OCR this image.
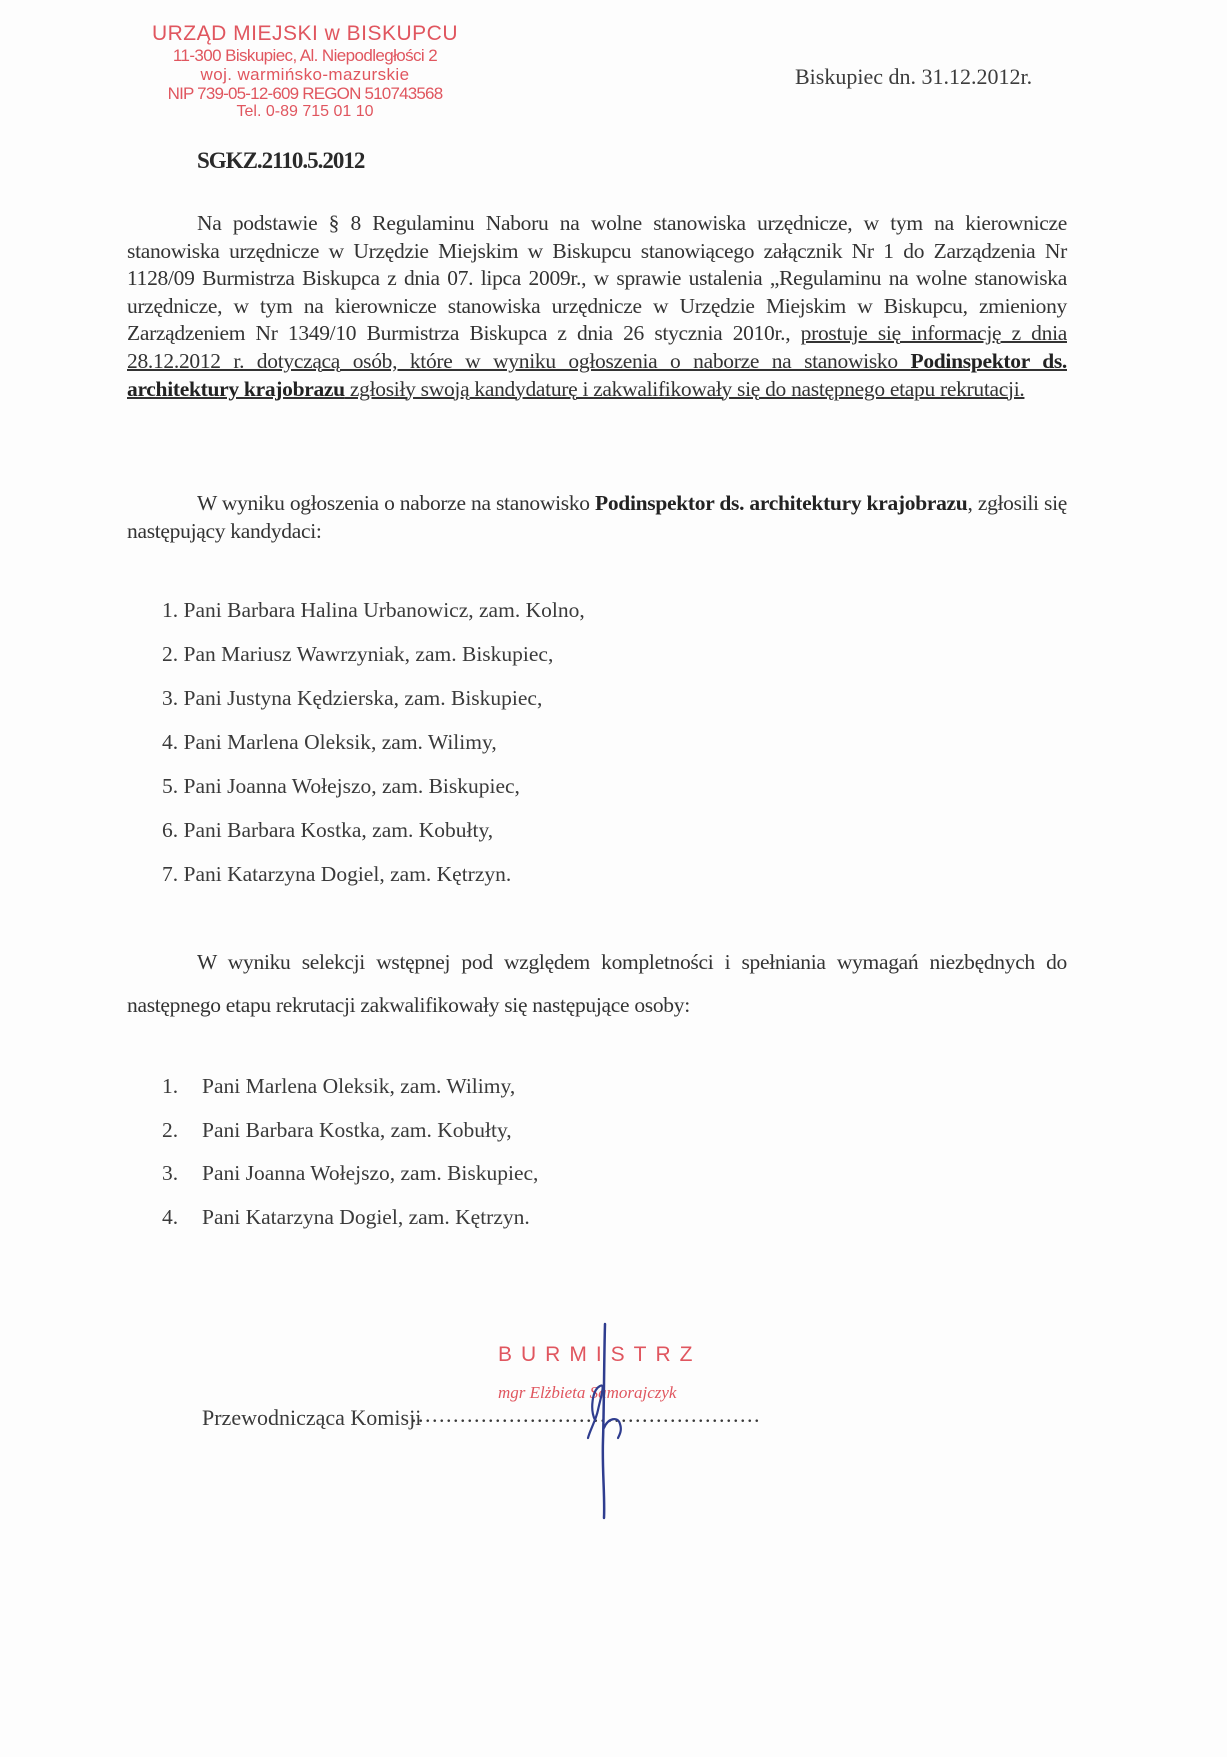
URZĄD MIEJSKI w BISKUPCU
11-300 Biskupiec, Al. Niepodległości 2
woj. warmińsko-mazurskie
NIP 739-05-12-609 REGON 510743568
Tel. 0-89 715 01 10
Biskupiec dn. 31.12.2012r.
SGKZ.2110.5.2012
Na podstawie § 8 Regulaminu Naboru na wolne stanowiska urzędnicze, w tym na kierownicze stanowiska urzędnicze w Urzędzie Miejskim w Biskupcu stanowiącego załącznik Nr 1 do Zarządzenia Nr 1128/09 Burmistrza Biskupca z dnia 07. lipca 2009r., w sprawie ustalenia „Regulaminu na wolne stanowiska urzędnicze, w tym na kierownicze stanowiska urzędnicze w Urzędzie Miejskim w Biskupcu, zmieniony Zarządzeniem Nr 1349/10 Burmistrza Biskupca z dnia 26 stycznia 2010r., prostuje się informację z dnia 28.12.2012 r. dotyczącą osób, które w wyniku ogłoszenia o naborze na stanowisko Podinspektor ds. architektury krajobrazu zgłosiły swoją kandydaturę i zakwalifikowały się do następnego etapu rekrutacji.
W wyniku ogłoszenia o naborze na stanowisko Podinspektor ds. architektury krajobrazu, zgłosili się następujący kandydaci:
1. Pani Barbara Halina Urbanowicz, zam. Kolno,
2. Pan Mariusz Wawrzyniak, zam. Biskupiec,
3. Pani Justyna Kędzierska, zam. Biskupiec,
4. Pani Marlena Oleksik, zam. Wilimy,
5. Pani Joanna Wołejszo, zam. Biskupiec,
6. Pani Barbara Kostka, zam. Kobułty,
7. Pani Katarzyna Dogiel, zam. Kętrzyn.
W wyniku selekcji wstępnej pod względem kompletności i spełniania wymagań niezbędnych do następnego etapu rekrutacji zakwalifikowały się następujące osoby:
1. Pani Marlena Oleksik, zam. Wilimy,
2. Pani Barbara Kostka, zam. Kobułty,
3. Pani Joanna Wołejszo, zam. Biskupiec,
4. Pani Katarzyna Dogiel, zam. Kętrzyn.
BURMISTRZ
mgr Elżbieta Samorajczyk
Przewodnicząca Komisji
..................................................
